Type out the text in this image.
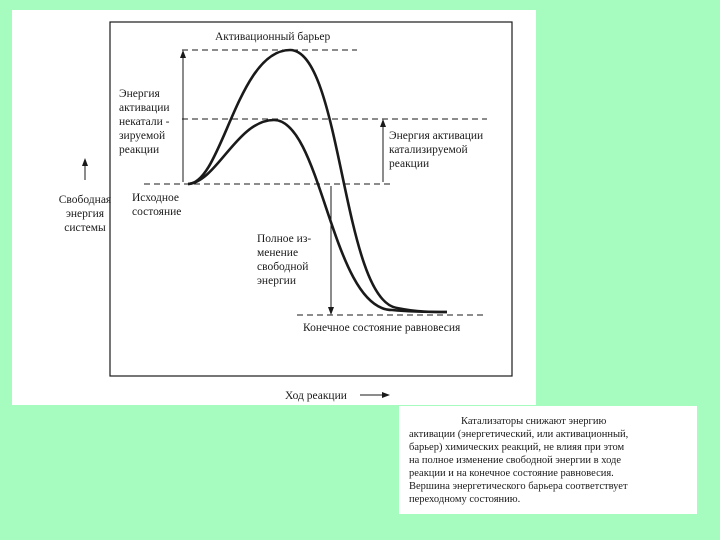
Активационный барьер
Энергия
активации
некатали -
зируемой
реакции
Энергия активации
катализируемой
реакции
Свободная
энергия
системы
Исходное
состояние
Полное из-
менение
свободной
энергии
Конечное состояние равновесия
Ход реакции
Катализаторы снижают энергию
активации (энергетический, или активационный,
барьер) химических реакций, не влияя при этом
на полное изменение свободной энергии в ходе
реакции и на конечное состояние равновесия.
Вершина энергетического барьера соответствует
переходному состоянию.
